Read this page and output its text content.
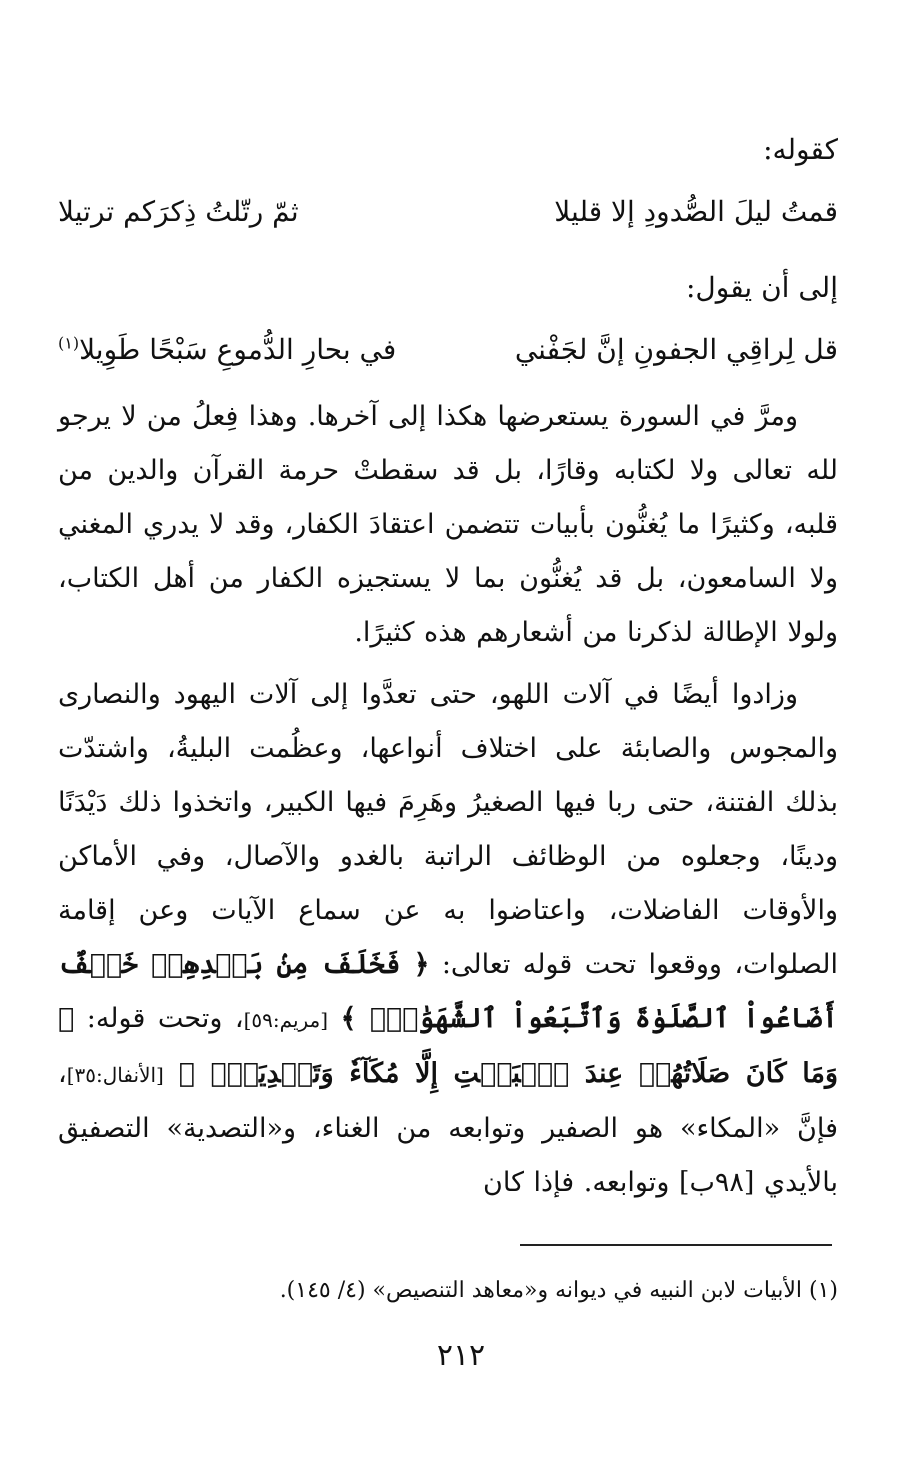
كقوله:

قمتُ ليلَ الصُّدودِ إلا قليلا
ثمّ رتّلتُ ذِكرَكم ترتيلا

إلى أن يقول:

قل لِراقِي الجفونِ إنَّ لجَفْني
في بحارِ الدُّموعِ سَبْحًا طَوِيلا$^{(١)}$

ومرَّ في السورة يستعرضها هكذا إلى آخرها. وهذا فِعلُ من لا يرجو لله تعالى ولا لكتابه وقارًا، بل قد سقطتْ حرمة القرآن والدين من قلبه، وكثيرًا ما يُغنُّون بأبيات تتضمن اعتقادَ الكفار، وقد لا يدري المغني ولا السامعون، بل قد يُغنُّون بما لا يستجيزه الكفار من أهل الكتاب، ولولا الإطالة لذكرنا من أشعارهم هذه كثيرًا.

وزادوا أيضًا في آلات اللهو، حتى تعدَّوا إلى آلات اليهود والنصارى والمجوس والصابئة على اختلاف أنواعها، وعظُمت البليةُ، واشتدّت بذلك الفتنة، حتى ربا فيها الصغيرُ وهَرِمَ فيها الكبير، واتخذوا ذلك دَيْدَنًا ودينًا، وجعلوه من الوظائف الراتبة بالغدو والآصال، وفي الأماكن والأوقات الفاضلات، واعتاضوا به عن سماع الآيات وعن إقامة الصلوات، ووقعوا تحت قوله تعالى: ﴿ فَخَلَفَ مِنۢ بَعۡدِهِمۡ خَلۡفٌ أَضَاعُواْ ٱلصَّلَوٰةَ وَٱتَّبَعُواْ ٱلشَّهَوَٰتِۖ ﴾ [مريم:٥٩]، وتحت قوله: ﴿ وَمَا كَانَ صَلَاتُهُمۡ عِندَ ٱلۡبَيۡتِ إِلَّا مُكَآءٗ وَتَصۡدِيَةٗۚ ﴾ [الأنفال:٣٥]، فإنَّ «المكاء» هو الصفير وتوابعه من الغناء، و«التصدية» التصفيق بالأيدي [٩٨ب] وتوابعه. فإذا كان

(١) الأبيات لابن النبيه في ديوانه و«معاهد التنصيص» (٤/ ١٤٥).
٢١٢
